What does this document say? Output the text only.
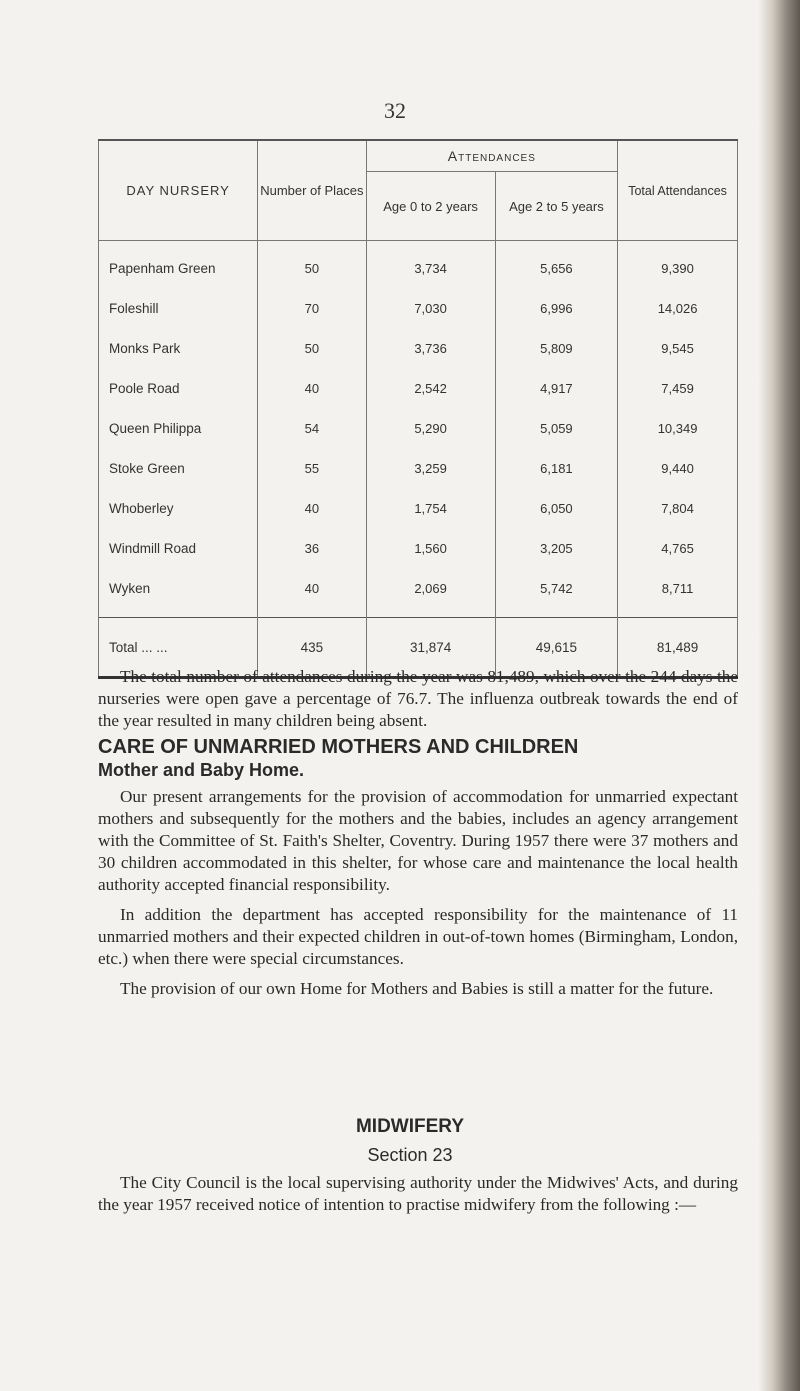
32
DAY NURSERY	Number of Places	Attendances		Total Attendances
		Age 0 to 2 years	Age 2 to 5 years	
Papenham Green	50	3,734	5,656	9,390
Foleshill	70	7,030	6,996	14,026
Monks Park	50	3,736	5,809	9,545
Poole Road	40	2,542	4,917	7,459
Queen Philippa	54	5,290	5,059	10,349
Stoke Green	55	3,259	6,181	9,440
Whoberley	40	1,754	6,050	7,804
Windmill Road	36	1,560	3,205	4,765
Wyken	40	2,069	5,742	8,711
Total ... ...	435	31,874	49,615	81,489

The total number of attendances during the year was 81,489, which over the 244 days the nurseries were open gave a percentage of 76.7. The influenza outbreak towards the end of the year resulted in many children being absent.

CARE OF UNMARRIED MOTHERS AND CHILDREN
Mother and Baby Home.

Our present arrangements for the provision of accommodation for unmarried expectant mothers and subsequently for the mothers and the babies, includes an agency arrangement with the Committee of St. Faith's Shelter, Coventry. During 1957 there were 37 mothers and 30 children accommodated in this shelter, for whose care and maintenance the local health authority accepted financial responsibility.

In addition the department has accepted responsibility for the maintenance of 11 unmarried mothers and their expected children in out-of-town homes (Birmingham, London, etc.) when there were special circumstances.

The provision of our own Home for Mothers and Babies is still a matter for the future.

MIDWIFERY
Section 23

The City Council is the local supervising authority under the Midwives' Acts, and during the year 1957 received notice of intention to practise midwifery from the following :—
